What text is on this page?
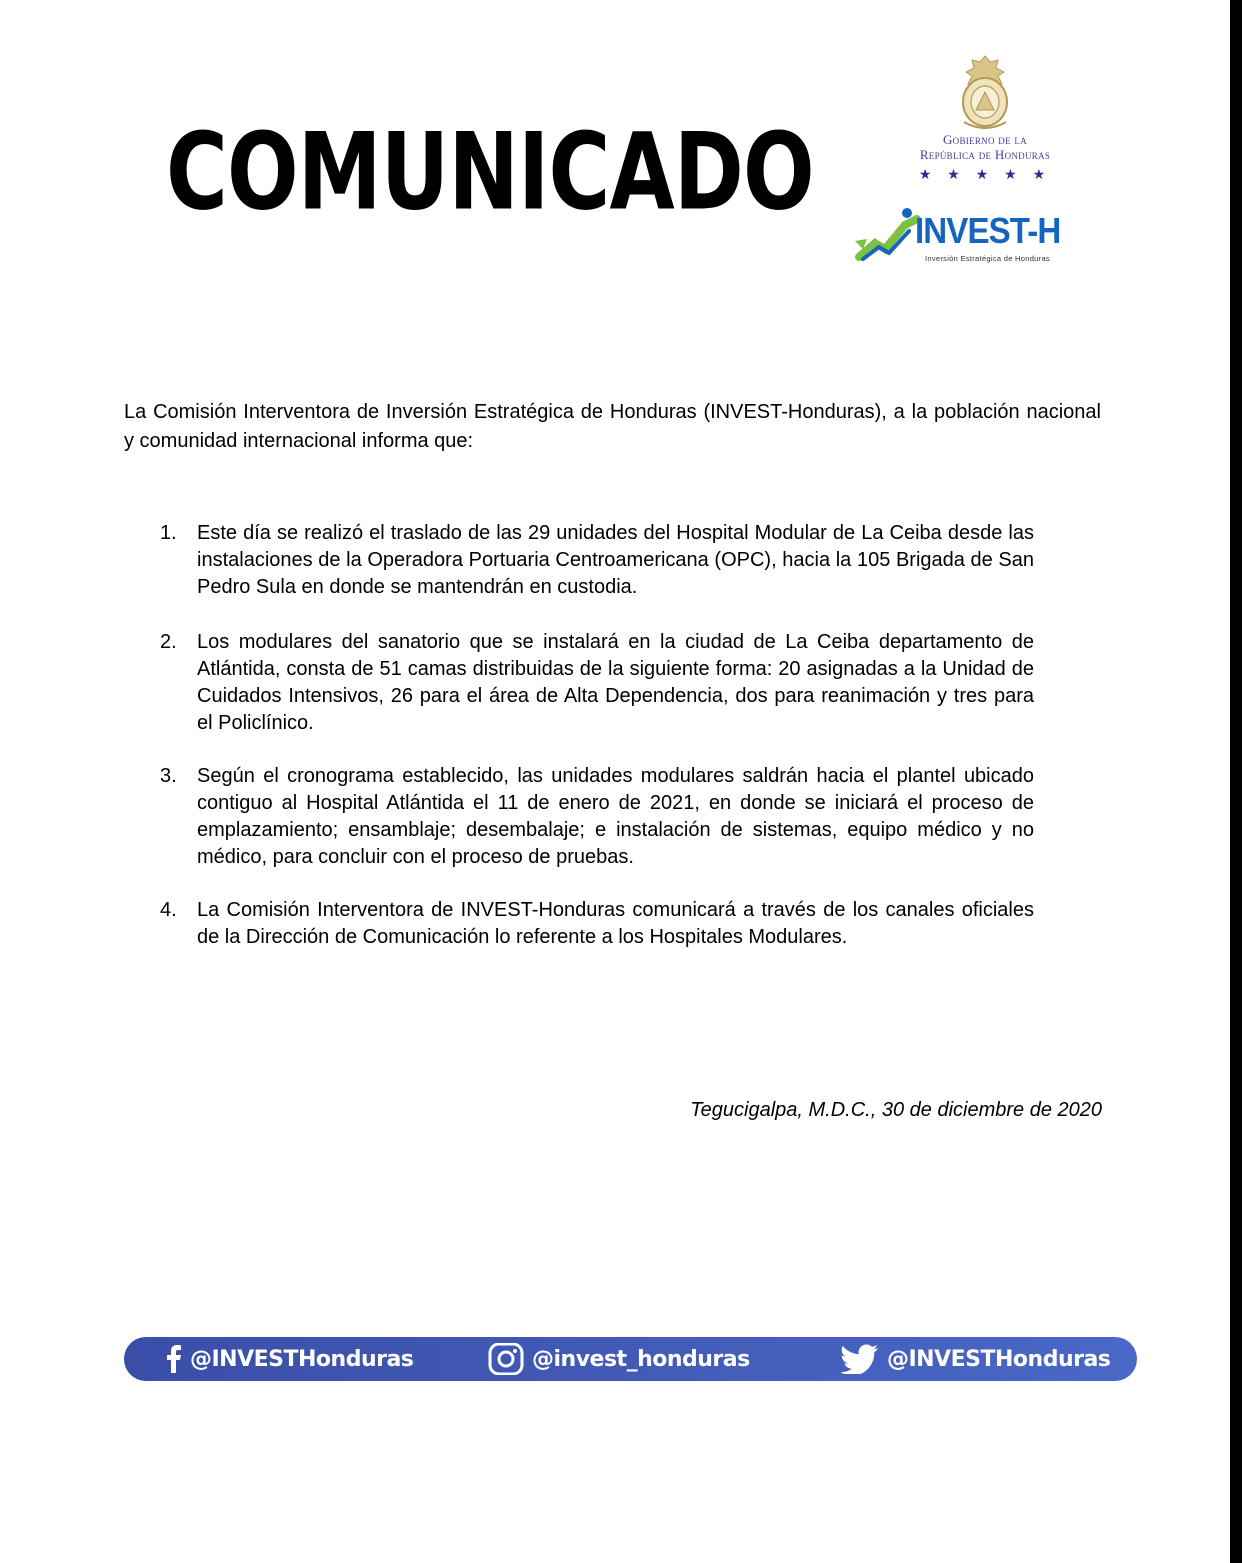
COMUNICADO	Gobierno de la
República de Honduras
★ ★ ★ ★ ★
INVEST-H
Inversión Estratégica de Honduras

La Comisión Interventora de Inversión Estratégica de Honduras (INVEST-Honduras), a la población nacional y comunidad internacional informa que:

1. Este día se realizó el traslado de las 29 unidades del Hospital Modular de La Ceiba desde las instalaciones de la Operadora Portuaria Centroamericana (OPC), hacia la 105 Brigada de San Pedro Sula en donde se mantendrán en custodia.
2. Los modulares del sanatorio que se instalará en la ciudad de La Ceiba departamento de Atlántida, consta de 51 camas distribuidas de la siguiente forma: 20 asignadas a la Unidad de Cuidados Intensivos, 26 para el área de Alta Dependencia, dos para reanimación y tres para el Policlínico.
3. Según el cronograma establecido, las unidades modulares saldrán hacia el plantel ubicado contiguo al Hospital Atlántida el 11 de enero de 2021, en donde se iniciará el proceso de emplazamiento; ensamblaje; desembalaje; e instalación de sistemas, equipo médico y no médico, para concluir con el proceso de pruebas.
4. La Comisión Interventora de INVEST-Honduras comunicará a través de los canales oficiales de la Dirección de Comunicación lo referente a los Hospitales Modulares.

Tegucigalpa, M.D.C., 30 de diciembre de 2020

@INVESTHonduras	@invest_honduras	@INVESTHonduras
